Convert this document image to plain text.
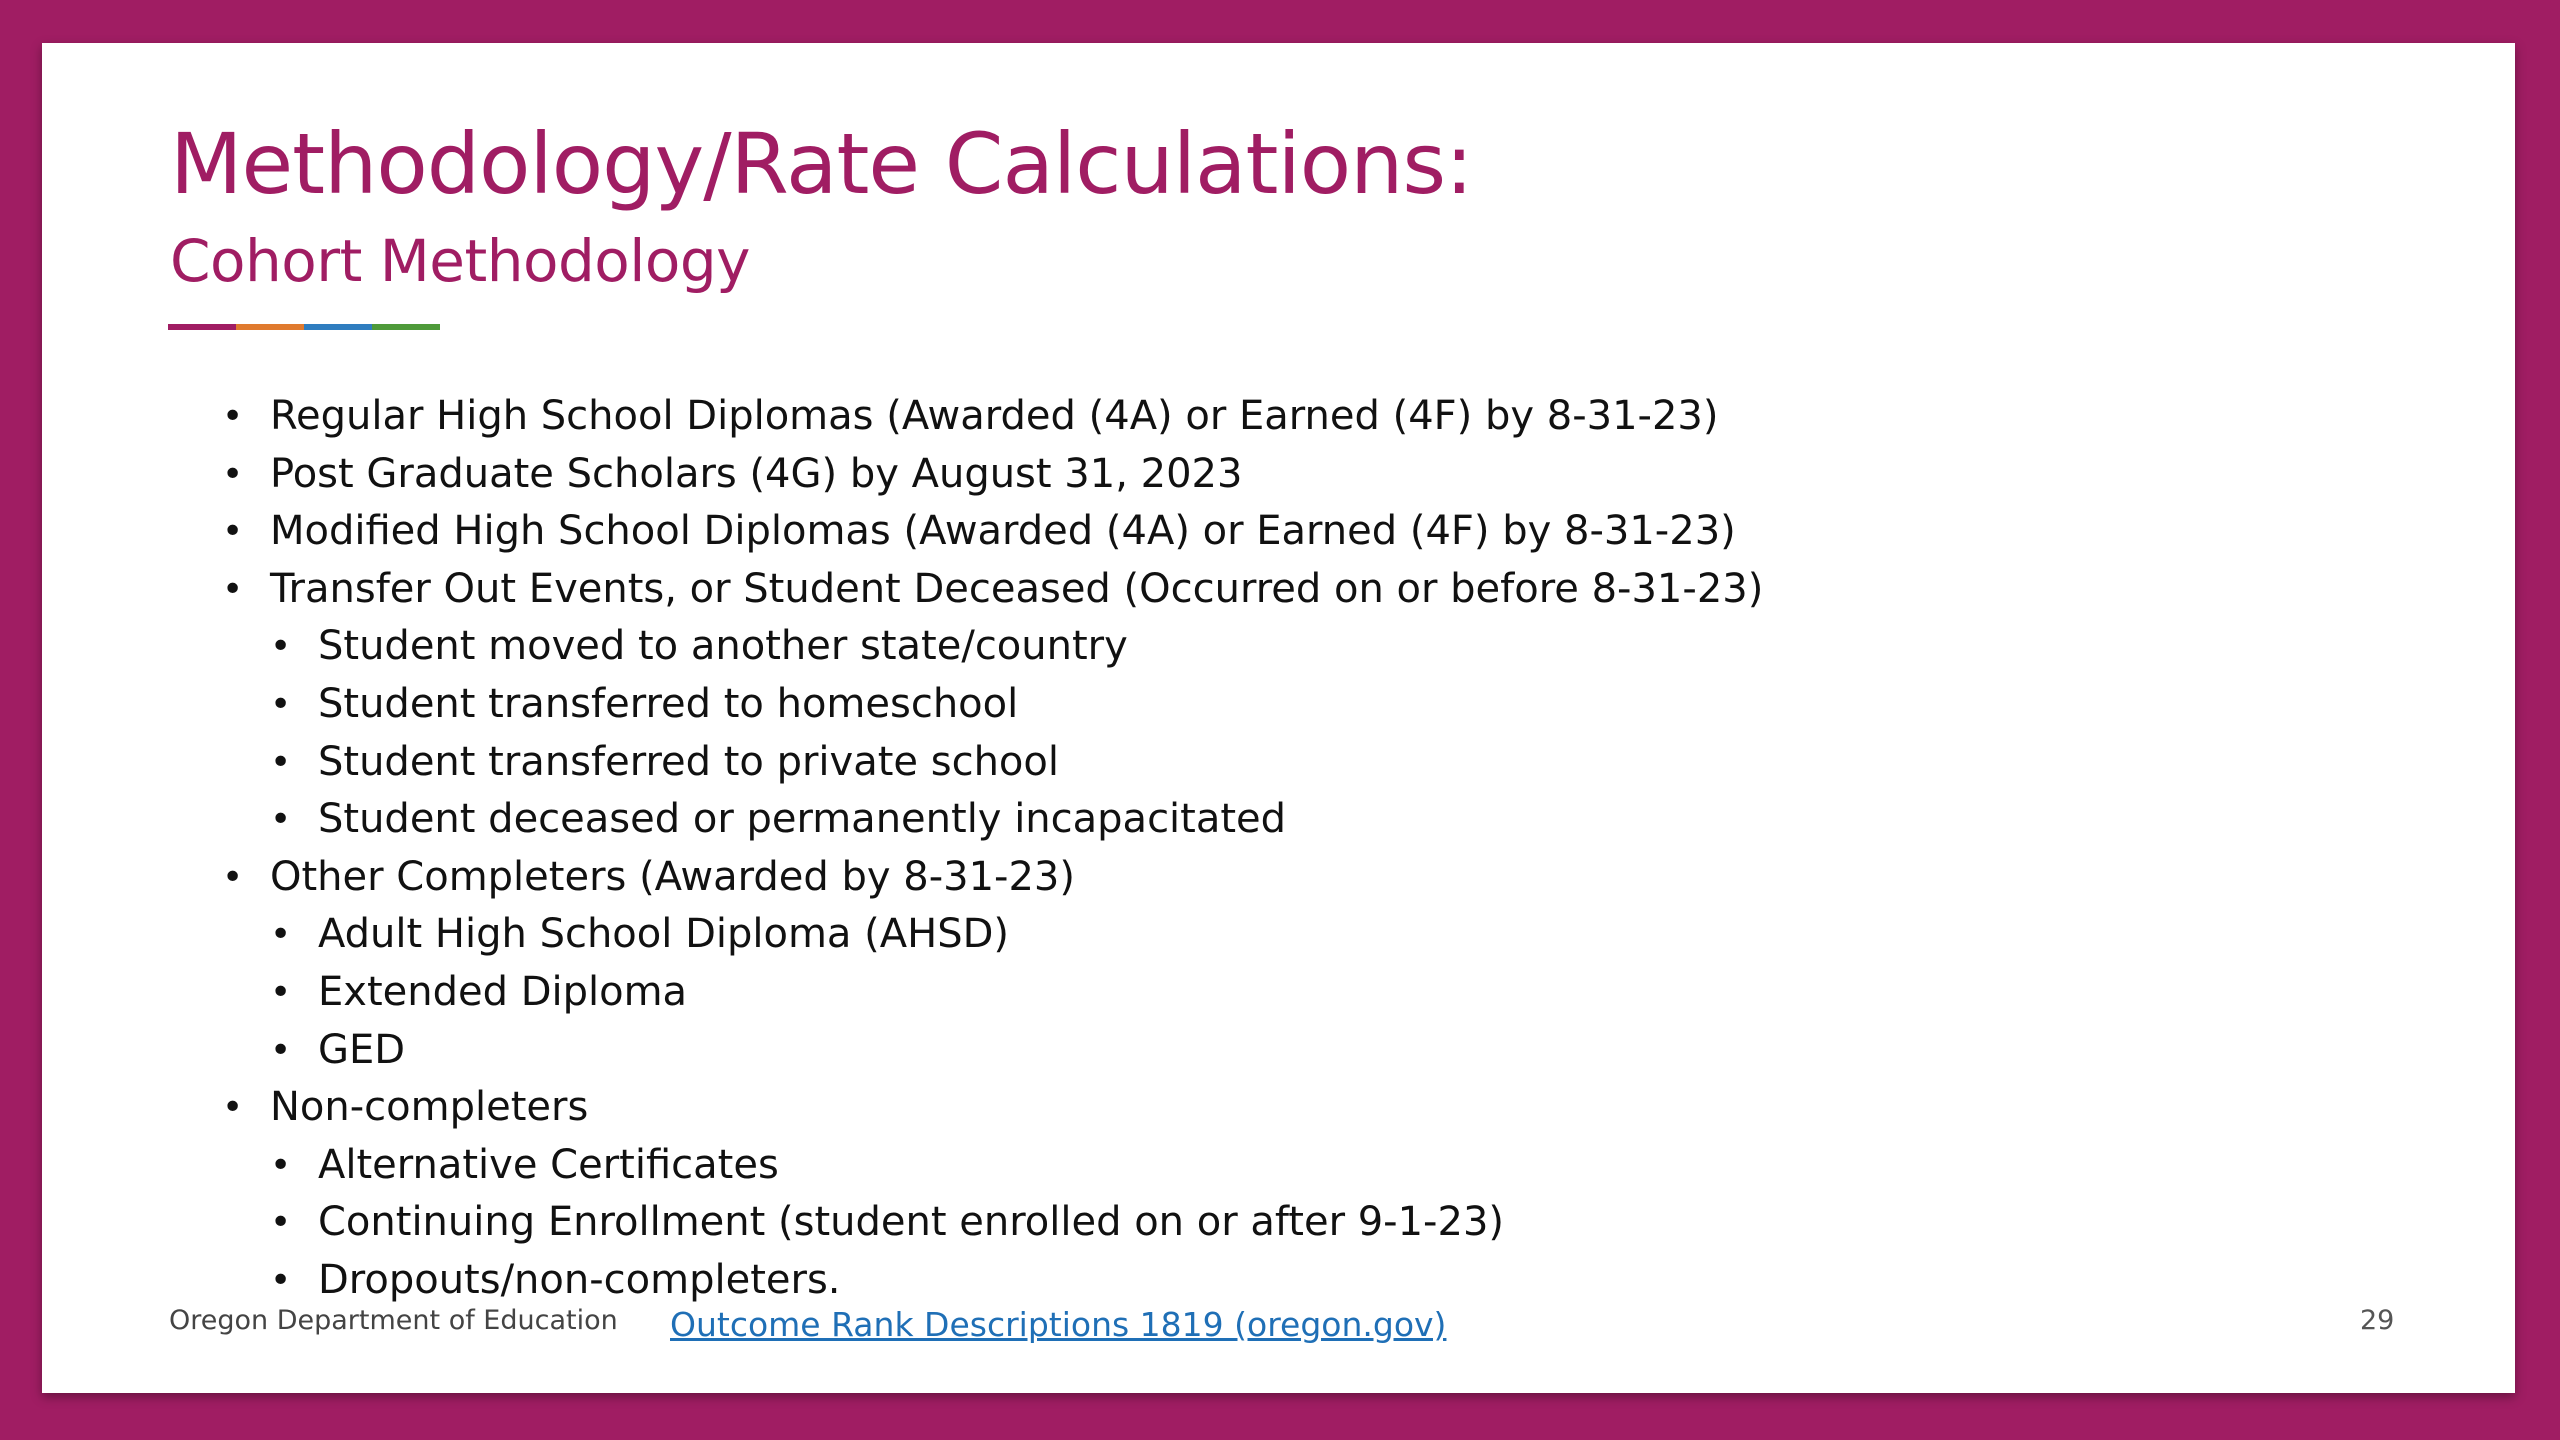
Methodology/Rate Calculations:
Cohort Methodology
• Regular High School Diplomas (Awarded (4A) or Earned (4F) by 8-31-23)
• Post Graduate Scholars (4G) by August 31, 2023
• Modified High School Diplomas (Awarded (4A) or Earned (4F) by 8-31-23)
• Transfer Out Events, or Student Deceased (Occurred on or before 8-31-23)
• Student moved to another state/country
• Student transferred to homeschool
• Student transferred to private school
• Student deceased or permanently incapacitated
• Other Completers (Awarded by 8-31-23)
• Adult High School Diploma (AHSD)
• Extended Diploma
• GED
• Non-completers
• Alternative Certificates
• Continuing Enrollment (student enrolled on or after 9-1-23)
• Dropouts/non-completers.
Oregon Department of Education Outcome Rank Descriptions 1819 (oregon.gov)	29
